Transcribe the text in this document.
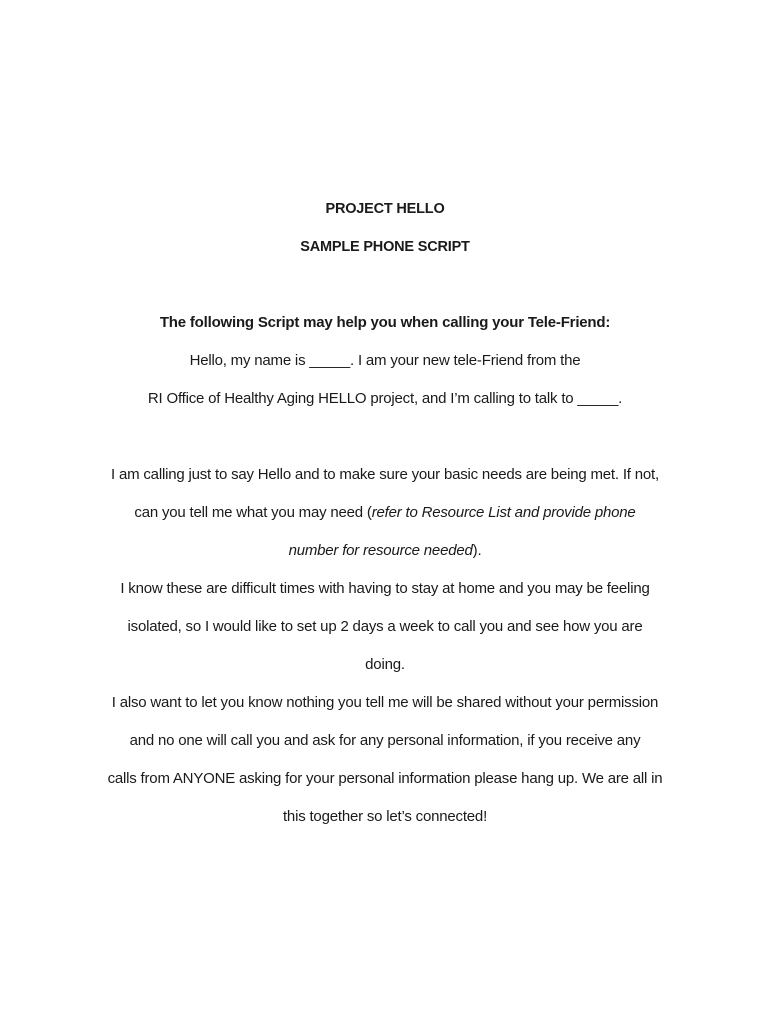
PROJECT HELLO
SAMPLE PHONE SCRIPT
The following Script may help you when calling your Tele-Friend:
Hello, my name is _____. I am your new tele-Friend from the
RI Office of Healthy Aging HELLO project, and I’m calling to talk to _____.
I am calling just to say Hello and to make sure your basic needs are being met. If not,
can you tell me what you may need (refer to Resource List and provide phone
number for resource needed).
I know these are difficult times with having to stay at home and you may be feeling
isolated, so I would like to set up 2 days a week to call you and see how you are
doing.
I also want to let you know nothing you tell me will be shared without your permission
and no one will call you and ask for any personal information, if you receive any
calls from ANYONE asking for your personal information please hang up. We are all in
this together so let’s connected!
